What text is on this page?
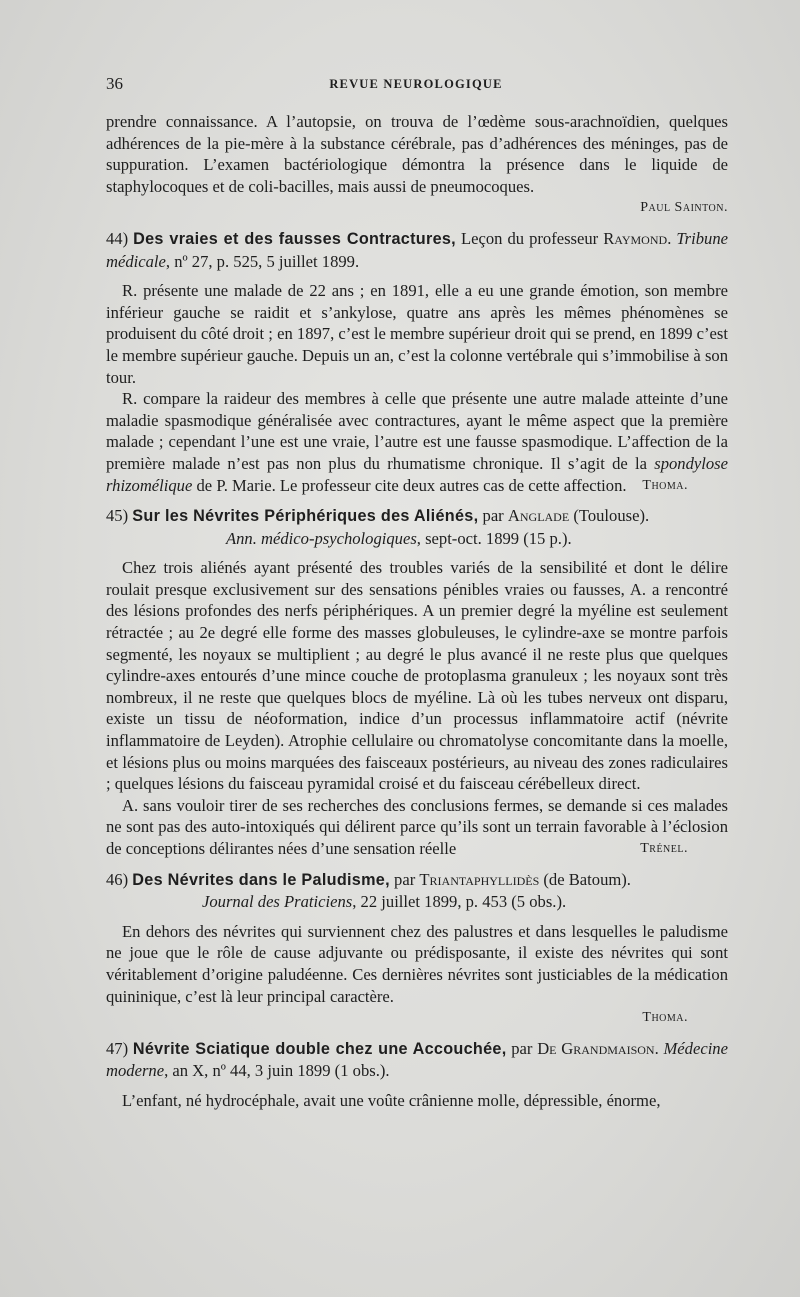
36	REVUE NEUROLOGIQUE

prendre connaissance. A l’autopsie, on trouva de l’œdème sous-arachnoïdien, quelques adhérences de la pie-mère à la substance cérébrale, pas d’adhérences des méninges, pas de suppuration. L’examen bactériologique démontra la présence dans le liquide de staphylocoques et de coli-bacilles, mais aussi de pneumocoques.
Paul Sainton.

44) Des vraies et des fausses Contractures, Leçon du professeur Raymond. Tribune médicale, nº 27, p. 525, 5 juillet 1899.

R. présente une malade de 22 ans ; en 1891, elle a eu une grande émotion, son membre inférieur gauche se raidit et s’ankylose, quatre ans après les mêmes phénomènes se produisent du côté droit ; en 1897, c’est le membre supérieur droit qui se prend, en 1899 c’est le membre supérieur gauche. Depuis un an, c’est la colonne vertébrale qui s’immobilise à son tour.

R. compare la raideur des membres à celle que présente une autre malade atteinte d’une maladie spasmodique généralisée avec contractures, ayant le même aspect que la première malade ; cependant l’une est une vraie, l’autre est une fausse spasmodique. L’affection de la première malade n’est pas non plus du rhumatisme chronique. Il s’agit de la spondylose rhizomélique de P. Marie. Le professeur cite deux autres cas de cette affection.	Thoma.

45) Sur les Névrites Périphériques des Aliénés, par Anglade (Toulouse).
Ann. médico-psychologiques, sept-oct. 1899 (15 p.).

Chez trois aliénés ayant présenté des troubles variés de la sensibilité et dont le délire roulait presque exclusivement sur des sensations pénibles vraies ou fausses, A. a rencontré des lésions profondes des nerfs périphériques. A un premier degré la myéline est seulement rétractée ; au 2e degré elle forme des masses globuleuses, le cylindre-axe se montre parfois segmenté, les noyaux se multiplient ; au degré le plus avancé il ne reste plus que quelques cylindre-axes entourés d’une mince couche de protoplasma granuleux ; les noyaux sont très nombreux, il ne reste que quelques blocs de myéline. Là où les tubes nerveux ont disparu, existe un tissu de néoformation, indice d’un processus inflammatoire actif (névrite inflammatoire de Leyden). Atrophie cellulaire ou chromatolyse concomitante dans la moelle, et lésions plus ou moins marquées des faisceaux postérieurs, au niveau des zones radiculaires ; quelques lésions du faisceau pyramidal croisé et du faisceau cérébelleux direct.

A. sans vouloir tirer de ses recherches des conclusions fermes, se demande si ces malades ne sont pas des auto-intoxiqués qui délirent parce qu’ils sont un terrain favorable à l’éclosion de conceptions délirantes nées d’une sensation réelle	Trénel.

46) Des Névrites dans le Paludisme, par Triantaphyllidès (de Batoum).
Journal des Praticiens, 22 juillet 1899, p. 453 (5 obs.).

En dehors des névrites qui surviennent chez des palustres et dans lesquelles le paludisme ne joue que le rôle de cause adjuvante ou prédisposante, il existe des névrites qui sont véritablement d’origine paludéenne. Ces dernières névrites sont justiciables de la médication quininique, c’est là leur principal caractère.

Thoma.

47) Névrite Sciatique double chez une Accouchée, par De Grandmaison. Médecine moderne, an X, nº 44, 3 juin 1899 (1 obs.).

L’enfant, né hydrocéphale, avait une voûte crânienne molle, dépressible, énorme,
